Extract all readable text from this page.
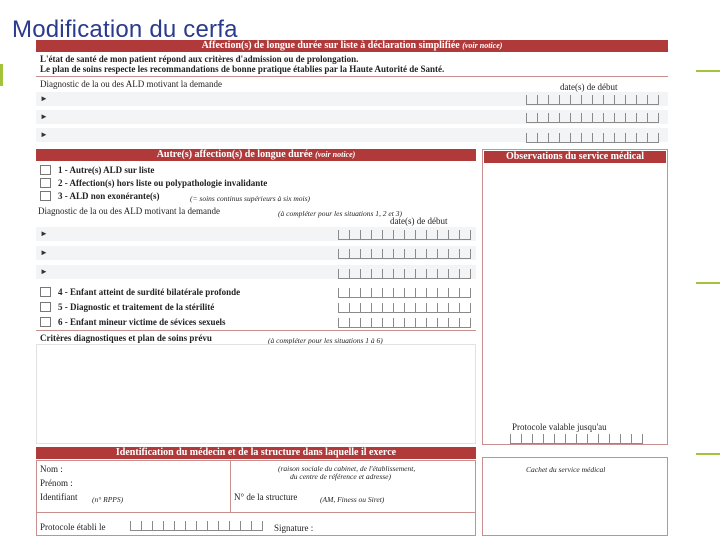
Modification du cerfa
Affection(s) de longue durée sur liste à déclaration simplifiée (voir notice)
L'état de santé de mon patient répond aux critères d'admission ou de prolongation.
Le plan de soins respecte les recommandations de bonne pratique établies par la Haute Autorité de Santé.
Diagnostic de la ou des ALD motivant la demande	date(s) de début
►
►
►
Autre(s) affection(s) de longue durée (voir notice)
1 - Autre(s) ALD sur liste
2 - Affection(s) hors liste ou polypathologie invalidante
3 - ALD non exonérante(s)	(= soins continus supérieurs à six mois)
Diagnostic de la ou des ALD motivant la demande	(à compléter pour les situations 1, 2 et 3)
date(s) de début
►
►
►
4 - Enfant atteint de surdité bilatérale profonde
5 - Diagnostic et traitement de la stérilité
6 - Enfant mineur victime de sévices sexuels
Critères diagnostiques et plan de soins prévu	(à compléter pour les situations 1 à 6)
Observations du service médical
Protocole valable jusqu'au
Identification du médecin et de la structure dans laquelle il exerce
Nom :
Prénom :
Identifiant (n° RPPS)
(raison sociale du cabinet, de l'établissement,
du centre de référence et adresse)
N° de la structure	(AM, Finess ou Siret)
Protocole établi le	Signature :
Cachet du service médical
